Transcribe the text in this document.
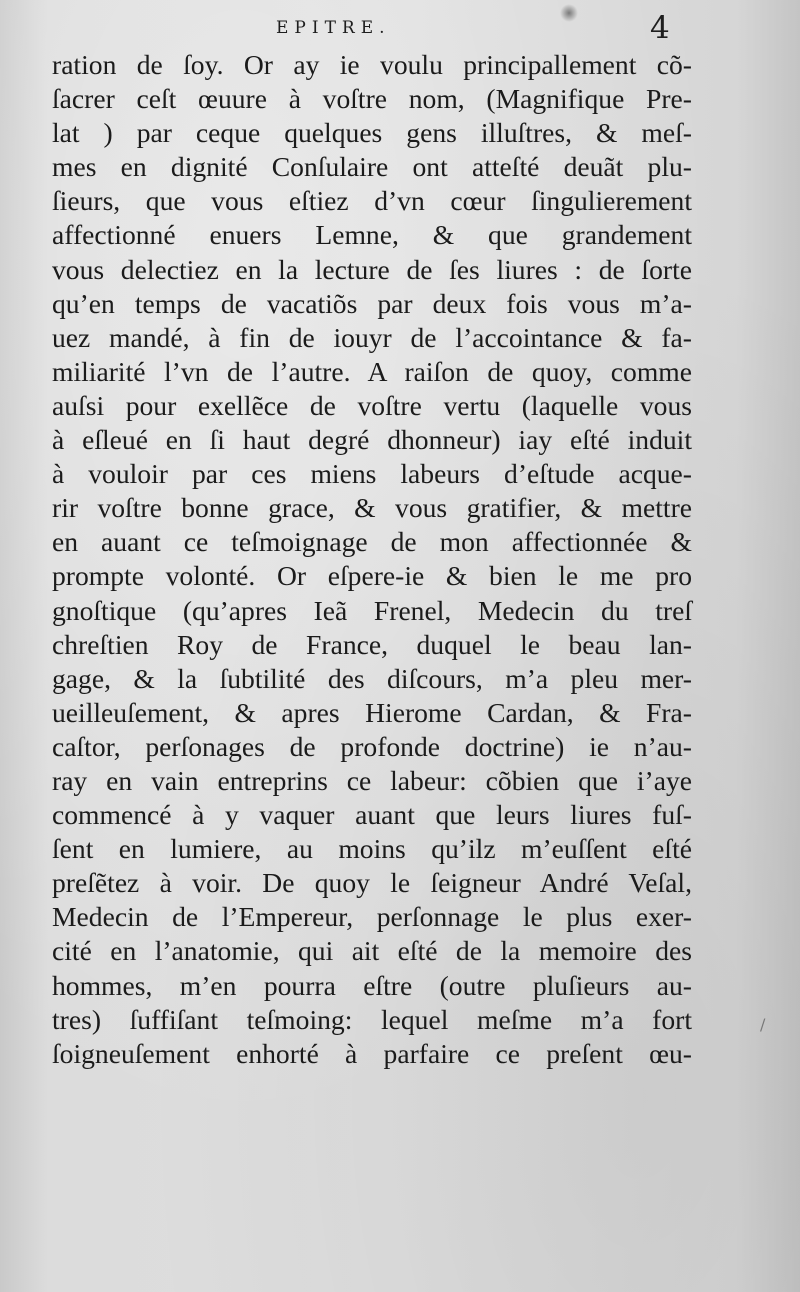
EPITRE.	4
ration de ſoy. Or ay ie voulu principallement cõ-
ſacrer ceſt œuure à voſtre nom, (Magnifique Pre-
lat ) par ceque quelques gens illuſtres, & meſ-
mes en dignité Conſulaire ont atteſté deuãt plu-
ſieurs, que vous eſtiez d’vn cœur ſingulierement
affectionné enuers Lemne, & que grandement
vous delectiez en la lecture de ſes liures : de ſorte
qu’en temps de vacatiõs par deux fois vous m’a-
uez mandé, à fin de iouyr de l’accointance & fa-
miliarité l’vn de l’autre. A raiſon de quoy, comme
auſsi pour exellẽce de voſtre vertu (laquelle vous
à eſleué en ſi haut degré dhonneur) iay eſté induit
à vouloir par ces miens labeurs d’eſtude acque-
rir voſtre bonne grace, & vous gratifier, & mettre
en auant ce teſmoignage de mon affectionnée &
prompte volonté. Or eſpere-ie & bien le me pro
gnoſtique (qu’apres Ieã Frenel, Medecin du treſ
chreſtien Roy de France, duquel le beau lan-
gage, & la ſubtilité des diſcours, m’a pleu mer-
ueilleuſement, & apres Hierome Cardan, & Fra-
caſtor, perſonages de profonde doctrine) ie n’au-
ray en vain entreprins ce labeur: cõbien que i’aye
commencé à y vaquer auant que leurs liures fuſ-
ſent en lumiere, au moins qu’ilz m’euſſent eſté
preſẽtez à voir. De quoy le ſeigneur André Veſal,
Medecin de l’Empereur, perſonnage le plus exer-
cité en l’anatomie, qui ait eſté de la memoire des
hommes, m’en pourra eſtre (outre pluſieurs au-
tres) ſuffiſant teſmoing: lequel meſme m’a fort
ſoigneuſement enhorté à parfaire ce preſent œu-
/
